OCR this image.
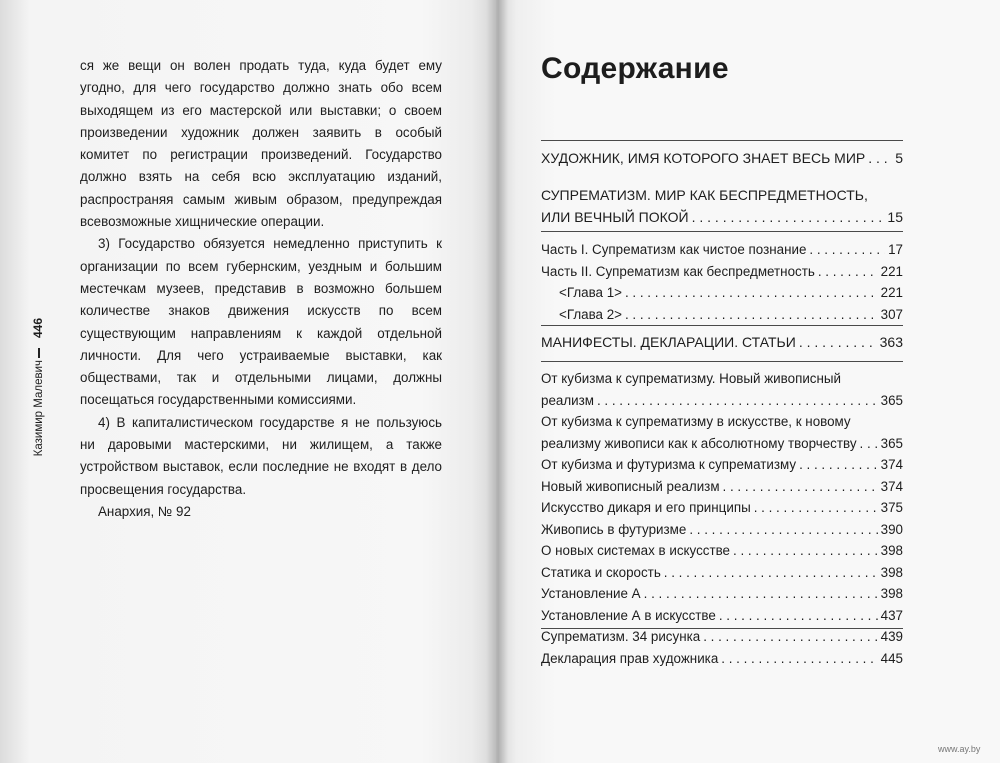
ся же вещи он волен продать туда, куда будет ему угодно, для чего государство должно знать обо всем выходящем из его мастерской или выставки; о своем произведении художник должен заявить в особый комитет по регистрации произведений. Государство должно взять на себя всю эксплуатацию изданий, распространяя самым живым образом, предупреждая всевозможные хищнические операции.

3) Государство обязуется немедленно приступить к организации по всем губернским, уездным и большим местечкам музеев, представив в возможно большем количестве знаков движения искусств по всем существующим направлениям к каждой отдельной личности. Для чего устраиваемые выставки, как обществами, так и отдельными лицами, должны посещаться государственными комиссиями.

4) В капиталистическом государстве я не пользуюсь ни даровыми мастерскими, ни жилищем, а также устройством выставок, если последние не входят в дело просвещения государства.

Анархия, № 92

446
Казимир Малевич
Содержание
ХУДОЖНИК, ИМЯ КОТОРОГО ЗНАЕТ ВЕСЬ МИР . . . 5
СУПРЕМАТИЗМ. МИР КАК БЕСПРЕДМЕТНОСТЬ,
ИЛИ ВЕЧНЫЙ ПОКОЙ . . .	15
Часть I. Супрематизм как чистое познание . . .	17
Часть II. Супрематизм как беспредметность . . .	221
<Глава 1> . . .	221
<Глава 2> . . .	307
МАНИФЕСТЫ. ДЕКЛАРАЦИИ. СТАТЬИ . . .	363
От кубизма к супрематизму. Новый живописный
реализм . . .	365
От кубизма к супрематизму в искусстве, к новому
реализму живописи как к абсолютному творчеству . . . 365
От кубизма и футуризма к супрематизму . . .	374
Новый живописный реализм . . .	374
Искусство дикаря и его принципы . . .	375
Живопись в футуризме . . .	390
О новых системах в искусстве . . .	398
Статика и скорость . . .	398
Установление А . . .	398
Установление А в искусстве . . .	437
Супрематизм. 34 рисунка . . .	439
Декларация прав художника . . .	445
www.ay.by
